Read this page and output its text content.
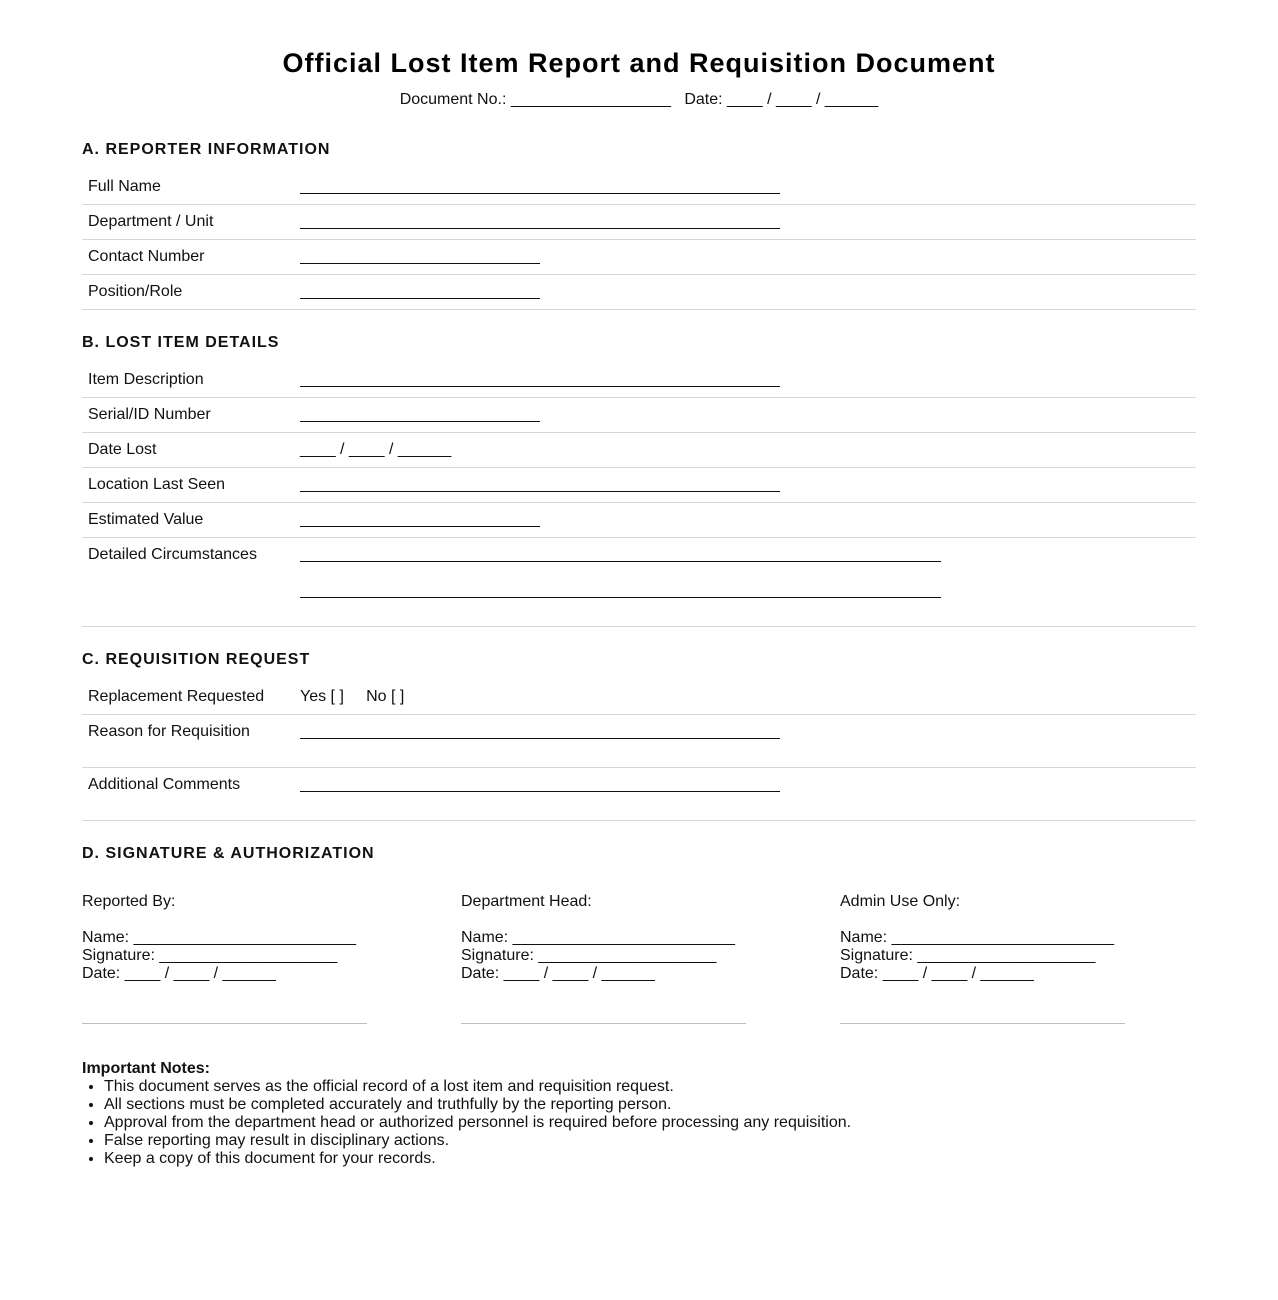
Official Lost Item Report and Requisition Document
Document No.: __________________   Date: ____ / ____ / ______
A. REPORTER INFORMATION
Full Name
Department / Unit
Contact Number
Position/Role
B. LOST ITEM DETAILS
Item Description
Serial/ID Number
Date Lost	____ / ____ / ______
Location Last Seen
Estimated Value
Detailed Circumstances
C. REQUISITION REQUEST
Replacement Requested Yes [ ]     No [ ]
Reason for Requisition
Additional Comments
D. SIGNATURE & AUTHORIZATION
Reported By:
Name: _________________________
Signature: ____________________
Date: ____ / ____ / ______
Department Head:
Name: _________________________
Signature: ____________________
Date: ____ / ____ / ______
Admin Use Only:
Name: _________________________
Signature: ____________________
Date: ____ / ____ / ______
Important Notes:
• This document serves as the official record of a lost item and requisition request.
• All sections must be completed accurately and truthfully by the reporting person.
• Approval from the department head or authorized personnel is required before processing any requisition.
• False reporting may result in disciplinary actions.
• Keep a copy of this document for your records.
